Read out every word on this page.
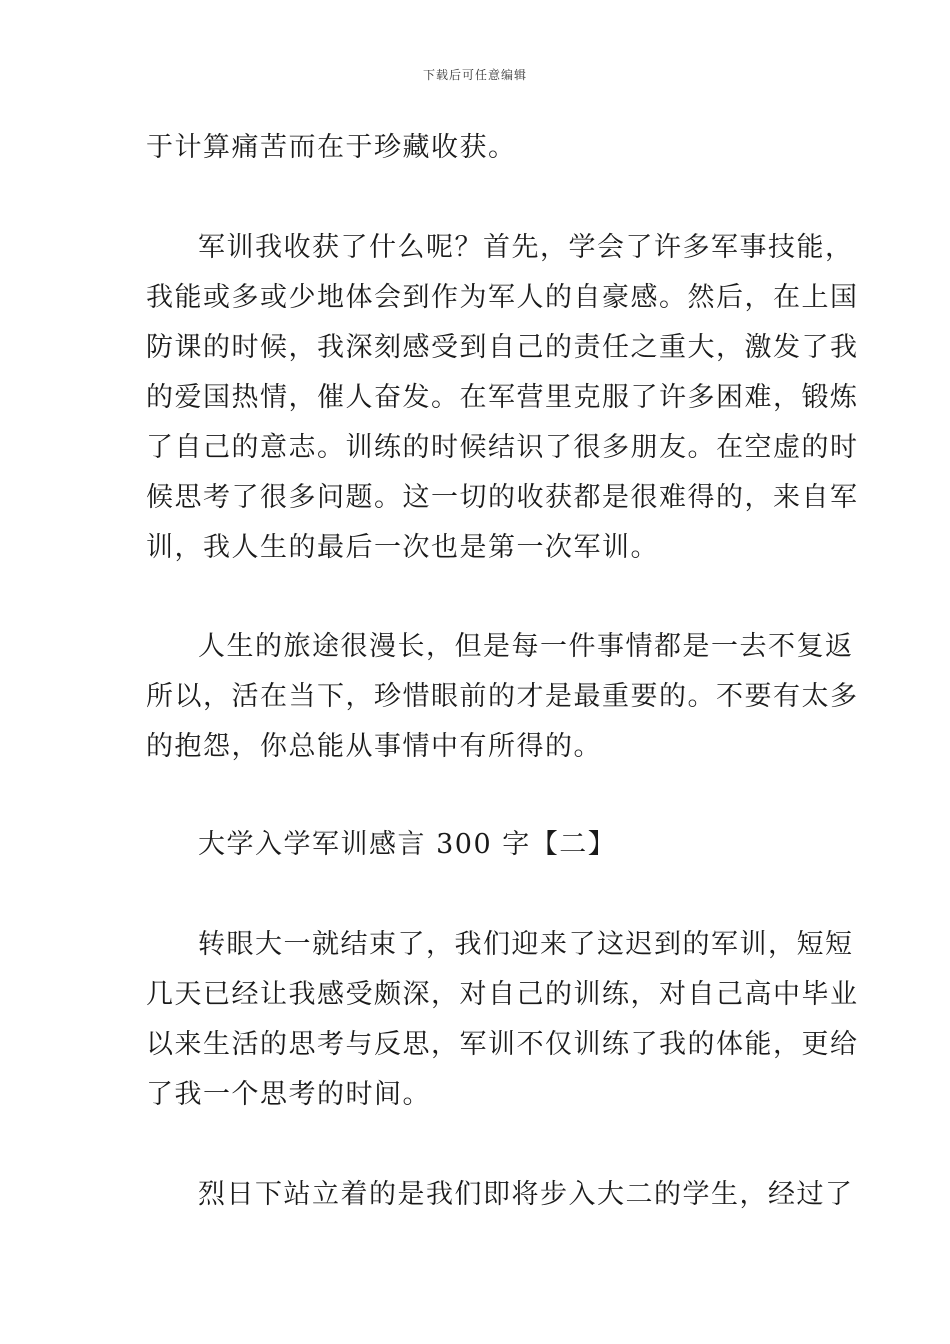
下载后可任意编辑
于计算痛苦而在于珍藏收获。
军训我收获了什么呢？首先，学会了许多军事技能，
我能或多或少地体会到作为军人的自豪感。然后，在上国
防课的时候，我深刻感受到自己的责任之重大，激发了我
的爱国热情，催人奋发。在军营里克服了许多困难，锻炼
了自己的意志。训练的时候结识了很多朋友。在空虚的时
候思考了很多问题。这一切的收获都是很难得的，来自军
训，我人生的最后一次也是第一次军训。
人生的旅途很漫长，但是每一件事情都是一去不复返
所以，活在当下，珍惜眼前的才是最重要的。不要有太多
的抱怨，你总能从事情中有所得的。
大学入学军训感言 300 字【二】
转眼大一就结束了，我们迎来了这迟到的军训，短短
几天已经让我感受颇深，对自己的训练，对自己高中毕业
以来生活的思考与反思，军训不仅训练了我的体能，更给
了我一个思考的时间。
烈日下站立着的是我们即将步入大二的学生，经过了
